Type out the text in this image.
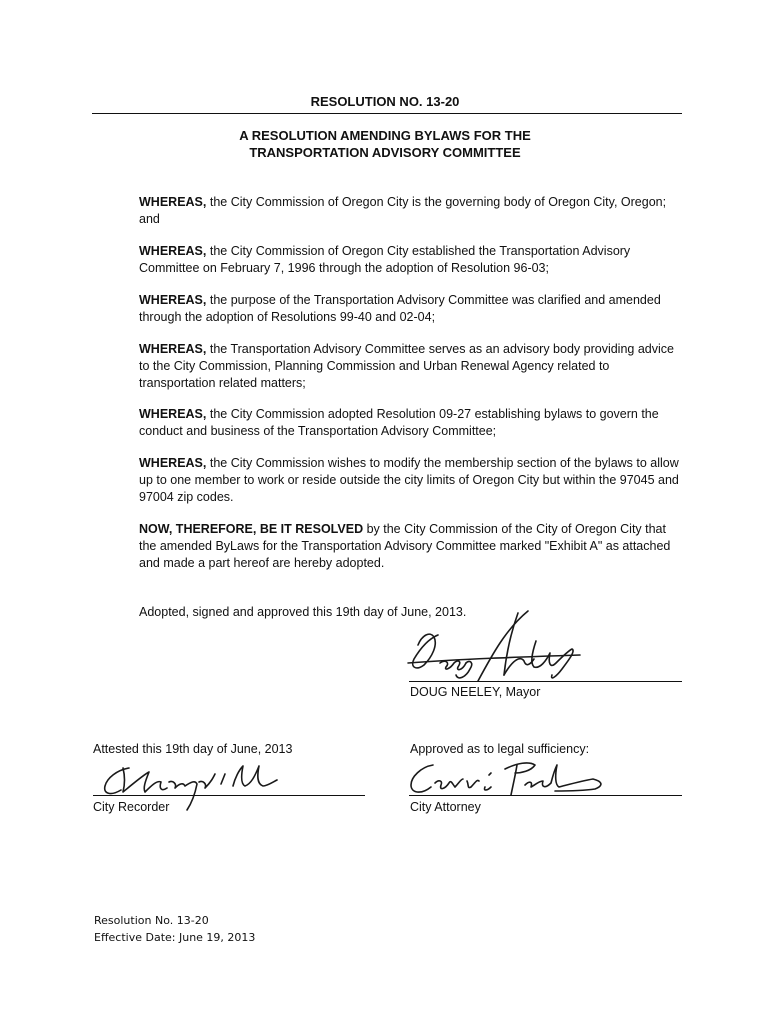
RESOLUTION NO. 13-20
A RESOLUTION AMENDING BYLAWS FOR THE
TRANSPORTATION ADVISORY COMMITTEE
WHEREAS, the City Commission of Oregon City is the governing body of Oregon City, Oregon; and
WHEREAS, the City Commission of Oregon City established the Transportation Advisory Committee on February 7, 1996 through the adoption of Resolution 96-03;
WHEREAS, the purpose of the Transportation Advisory Committee was clarified and amended through the adoption of Resolutions 99-40 and 02-04;
WHEREAS, the Transportation Advisory Committee serves as an advisory body providing advice to the City Commission, Planning Commission and Urban Renewal Agency related to transportation related matters;
WHEREAS, the City Commission adopted Resolution 09-27 establishing bylaws to govern the conduct and business of the Transportation Advisory Committee;
WHEREAS, the City Commission wishes to modify the membership section of the bylaws to allow up to one member to work or reside outside the city limits of Oregon City but within the 97045 and 97004 zip codes.
NOW, THEREFORE, BE IT RESOLVED by the City Commission of the City of Oregon City that the amended ByLaws for the Transportation Advisory Committee marked "Exhibit A" as attached and made a part hereof are hereby adopted.
Adopted, signed and approved this 19th day of June, 2013.
DOUG NEELEY, Mayor
Attested this 19th day of June, 2013	Approved as to legal sufficiency:
City Recorder	City Attorney
Resolution No. 13-20
Effective Date: June 19, 2013
